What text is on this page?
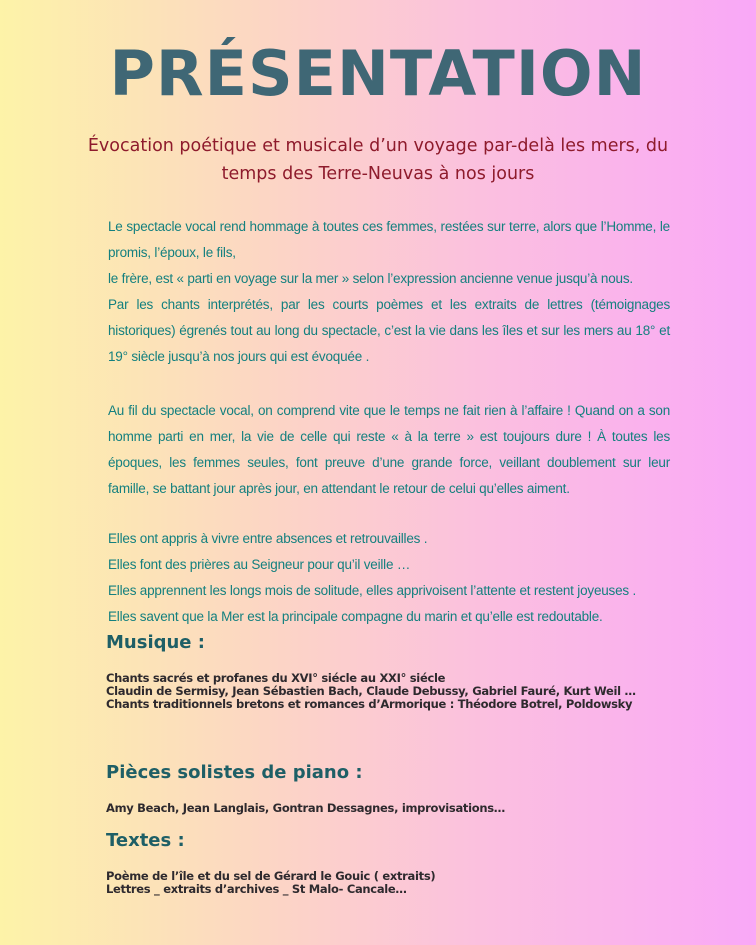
PRÉSENTATION
Évocation poétique et musicale d’un voyage par-delà les mers, du temps des Terre-Neuvas à nos jours

Le spectacle vocal rend hommage à toutes ces femmes, restées sur terre, alors que l’Homme, le promis, l’époux, le fils,

le frère, est « parti en voyage sur la mer » selon l’expression ancienne venue jusqu’à nous.

Par les chants interprétés, par les courts poèmes et les extraits de lettres (témoignages historiques) égrenés tout au long du spectacle, c’est la vie dans les îles et sur les mers au 18° et 19° siècle jusqu’à nos jours qui est évoquée .

Au fil du spectacle vocal, on comprend vite que le temps ne fait rien à l’affaire ! Quand on a son homme parti en mer, la vie de celle qui reste « à la terre » est toujours dure ! À toutes les époques, les femmes seules, font preuve d’une grande force, veillant doublement sur leur famille, se battant jour après jour, en attendant le retour de celui qu’elles aiment.

Elles ont appris à vivre entre absences et retrouvailles .

Elles font des prières au Seigneur pour qu’il veille …

Elles apprennent les longs mois de solitude, elles apprivoisent l’attente et restent joyeuses .

Elles savent que la Mer est la principale compagne du marin et qu’elle est redoutable.

Musique :
Chants sacrés et profanes du XVI° siécle au XXI° siécle
Claudin de Sermisy, Jean Sébastien Bach, Claude Debussy, Gabriel Fauré, Kurt Weil …
Chants traditionnels bretons et romances d’Armorique : Théodore Botrel, Poldowsky
Pièces solistes de piano :
Amy Beach, Jean Langlais, Gontran Dessagnes, improvisations…
Textes :
Poème de l’île et du sel de Gérard le Gouic ( extraits)
Lettres _ extraits d’archives _ St Malo- Cancale…
